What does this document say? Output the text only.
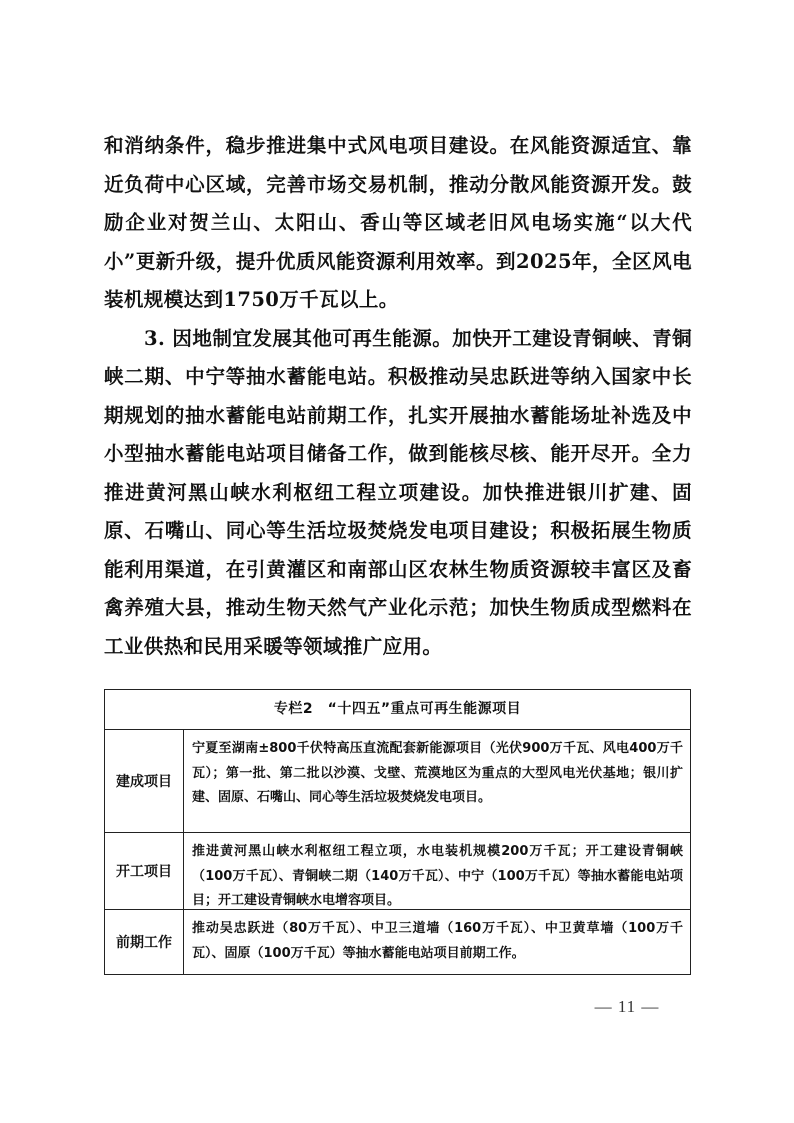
和消纳条件，稳步推进集中式风电项目建设。在风能资源适宜、靠近负荷中心区域，完善市场交易机制，推动分散风能资源开发。鼓励企业对贺兰山、太阳山、香山等区域老旧风电场实施“以大代小”更新升级，提升优质风能资源利用效率。到2025年，全区风电装机规模达到1750万千瓦以上。

3. 因地制宜发展其他可再生能源。加快开工建设青铜峡、青铜峡二期、中宁等抽水蓄能电站。积极推动吴忠跃进等纳入国家中长期规划的抽水蓄能电站前期工作，扎实开展抽水蓄能场址补选及中小型抽水蓄能电站项目储备工作，做到能核尽核、能开尽开。全力推进黄河黑山峡水利枢纽工程立项建设。加快推进银川扩建、固原、石嘴山、同心等生活垃圾焚烧发电项目建设；积极拓展生物质能利用渠道，在引黄灌区和南部山区农林生物质资源较丰富区及畜禽养殖大县，推动生物天然气产业化示范；加快生物质成型燃料在工业供热和民用采暖等领域推广应用。

专栏2　“十四五”重点可再生能源项目
建成项目
宁夏至湖南±800千伏特高压直流配套新能源项目（光伏900万千瓦、风电400万千瓦）；第一批、第二批以沙漠、戈壁、荒漠地区为重点的大型风电光伏基地；银川扩建、固原、石嘴山、同心等生活垃圾焚烧发电项目。
开工项目
推进黄河黑山峡水利枢纽工程立项，水电装机规模200万千瓦；开工建设青铜峡（100万千瓦）、青铜峡二期（140万千瓦）、中宁（100万千瓦）等抽水蓄能电站项目；开工建设青铜峡水电增容项目。
前期工作
推动吴忠跃进（80万千瓦）、中卫三道墙（160万千瓦）、中卫黄草墙（100万千瓦）、固原（100万千瓦）等抽水蓄能电站项目前期工作。
— 11 —
